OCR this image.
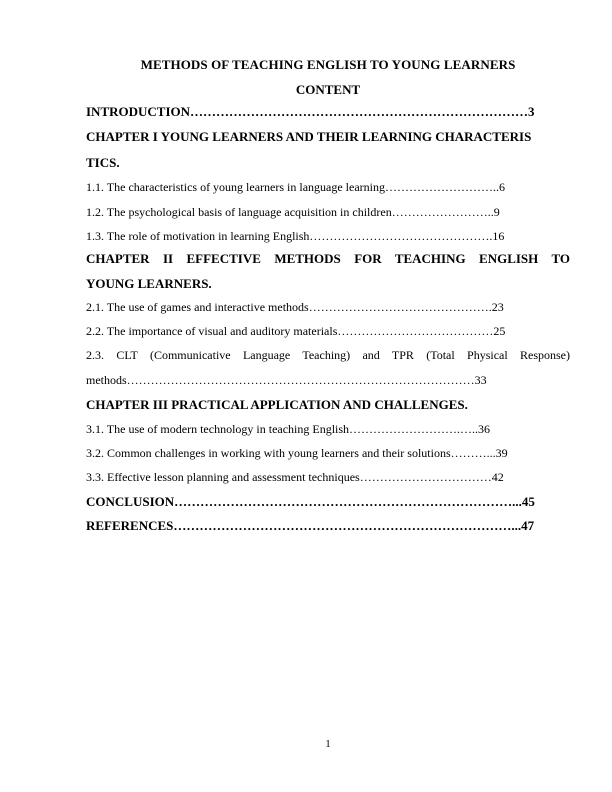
METHODS OF TEACHING ENGLISH TO YOUNG LEARNERS
CONTENT
INTRODUCTION……………………………………………………………………3
CHAPTER I YOUNG LEARNERS AND THEIR LEARNING CHARACTERIS
TICS.
1.1. The characteristics of young learners in language learning………………………..6
1.2. The psychological basis of language acquisition in children……………………..9
1.3. The role of motivation in learning English……………………………………….16
CHAPTER II EFFECTIVE METHODS FOR TEACHING ENGLISH TO
YOUNG LEARNERS.
2.1. The use of games and interactive methods……………………………………….23
2.2. The importance of visual and auditory materials…………………………………25
2.3. CLT (Communicative Language Teaching) and TPR (Total Physical Response)
methods……………………………………………………………………………33
CHAPTER III PRACTICAL APPLICATION AND CHALLENGES.
3.1. The use of modern technology in teaching English……………………….…..36
3.2. Common challenges in working with young learners and their solutions………...39
3.3. Effective lesson planning and assessment techniques……………………………42
CONCLUSION……………………………………………………………………...45
REFERENCES……………………………………………………………………...47
1
